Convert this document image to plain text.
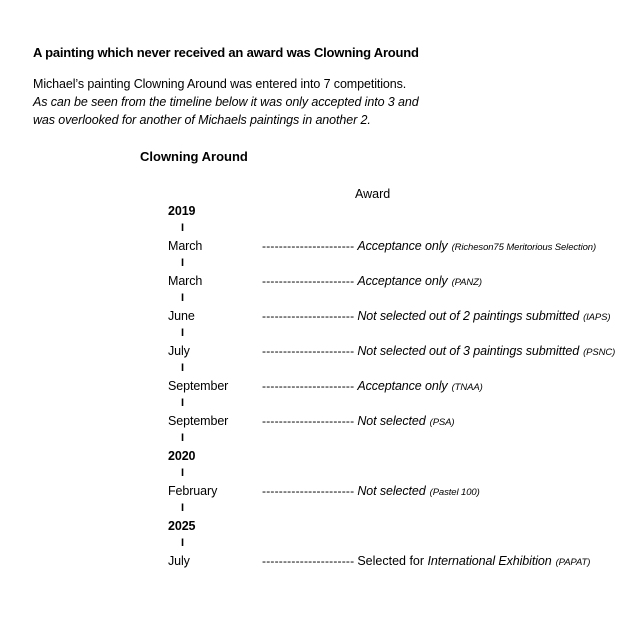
A painting which never received an award was Clowning Around
Michael’s painting Clowning Around was entered into 7 competitions.
As can be seen from the timeline below it was only accepted into 3 and
was overlooked for another of Michaels paintings in another 2.
Clowning Around
Award
2019
I
March	---------------------- Acceptance only (Richeson75 Meritorious Selection)
I
March	---------------------- Acceptance only (PANZ)
I
June	---------------------- Not selected out of 2 paintings submitted (IAPS)
I
July	---------------------- Not selected out of 3 paintings submitted (PSNC)
I
September	---------------------- Acceptance only (TNAA)
I
September	---------------------- Not selected (PSA)
I
2020
I
February	---------------------- Not selected (Pastel 100)
I
2025
I
July	---------------------- Selected for International Exhibition (PAPAT)
